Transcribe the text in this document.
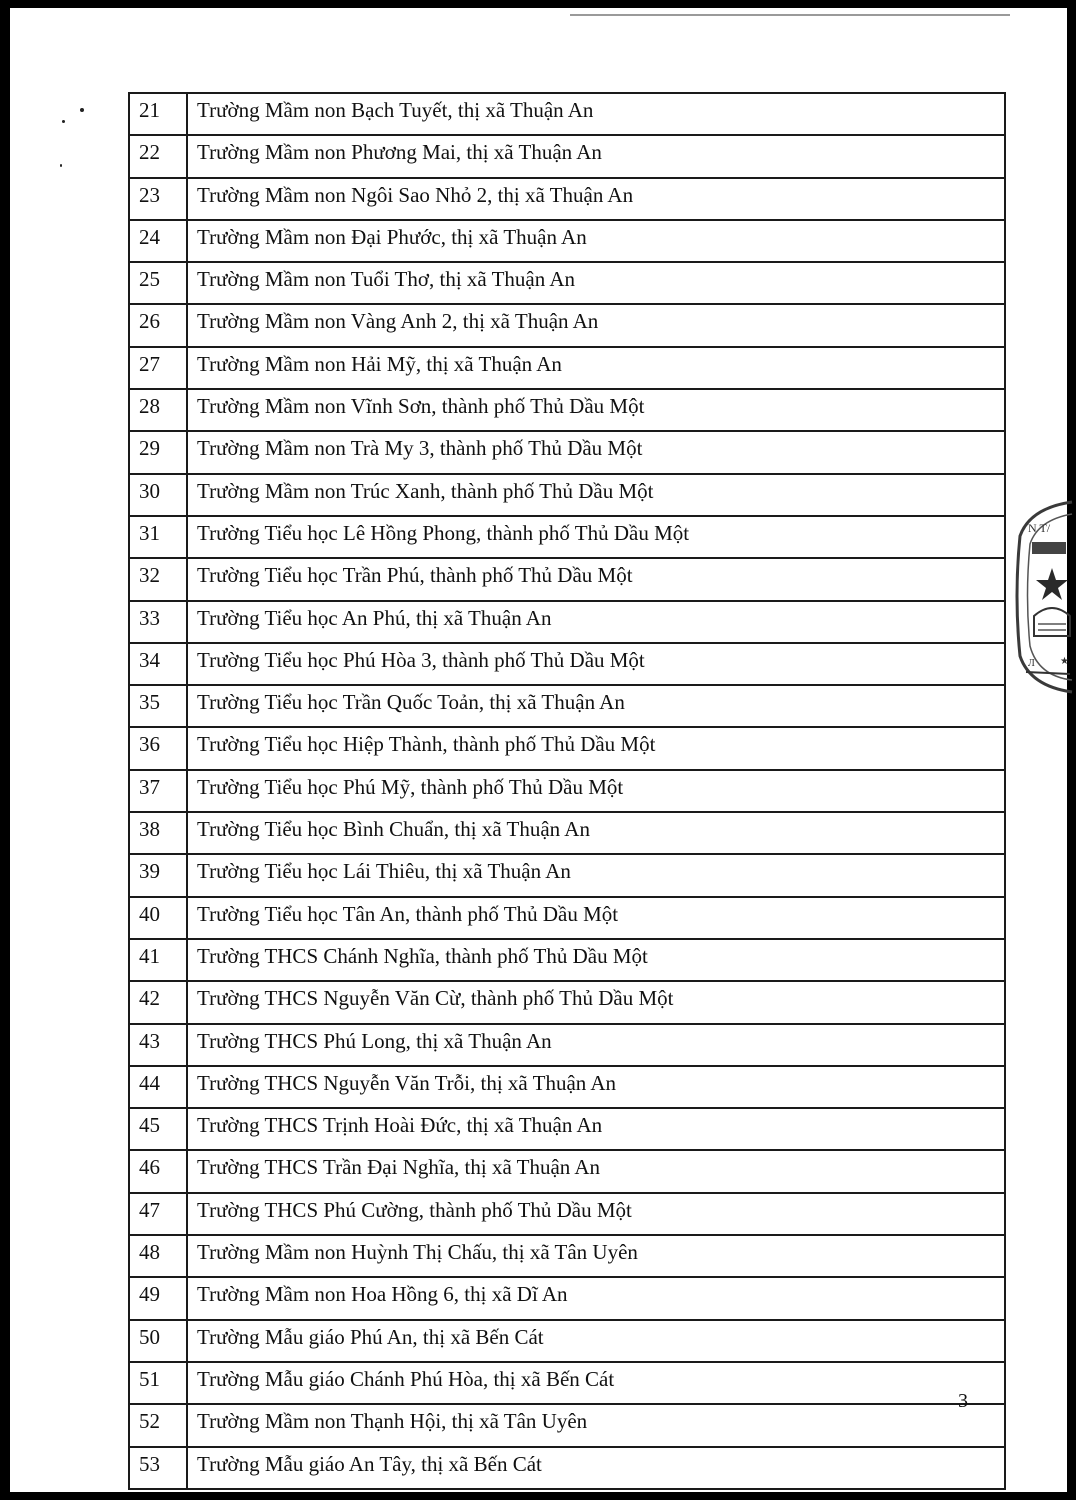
21	Trường Mầm non Bạch Tuyết, thị xã Thuận An
22	Trường Mầm non Phương Mai, thị xã Thuận An
23	Trường Mầm non Ngôi Sao Nhỏ 2, thị xã Thuận An
24	Trường Mầm non Đại Phước, thị xã Thuận An
25	Trường Mầm non Tuổi Thơ, thị xã Thuận An
26	Trường Mầm non Vàng Anh 2, thị xã Thuận An
27	Trường Mầm non Hải Mỹ, thị xã Thuận An
28	Trường Mầm non Vĩnh Sơn, thành phố Thủ Dầu Một
29	Trường Mầm non Trà My 3, thành phố Thủ Dầu Một
30	Trường Mầm non Trúc Xanh, thành phố Thủ Dầu Một
31	Trường Tiểu học Lê Hồng Phong, thành phố Thủ Dầu Một
32	Trường Tiểu học Trần Phú, thành phố Thủ Dầu Một
33	Trường Tiểu học An Phú, thị xã Thuận An
34	Trường Tiểu học Phú Hòa 3, thành phố Thủ Dầu Một
35	Trường Tiểu học Trần Quốc Toản, thị xã Thuận An
36	Trường Tiểu học Hiệp Thành, thành phố Thủ Dầu Một
37	Trường Tiểu học Phú Mỹ, thành phố Thủ Dầu Một
38	Trường Tiểu học Bình Chuẩn, thị xã Thuận An
39	Trường Tiểu học Lái Thiêu, thị xã Thuận An
40	Trường Tiểu học Tân An, thành phố Thủ Dầu Một
41	Trường THCS Chánh Nghĩa, thành phố Thủ Dầu Một
42	Trường THCS Nguyễn Văn Cừ, thành phố Thủ Dầu Một
43	Trường THCS Phú Long, thị xã Thuận An
44	Trường THCS Nguyễn Văn Trỗi, thị xã Thuận An
45	Trường THCS Trịnh Hoài Đức, thị xã Thuận An
46	Trường THCS Trần Đại Nghĩa, thị xã Thuận An
47	Trường THCS Phú Cường, thành phố Thủ Dầu Một
48	Trường Mầm non Huỳnh Thị Chấu, thị xã Tân Uyên
49	Trường Mầm non Hoa Hồng 6, thị xã Dĩ An
50	Trường Mẫu giáo Phú An, thị xã Bến Cát
51	Trường Mẫu giáo Chánh Phú Hòa, thị xã Bến Cát
52	Trường Mầm non Thạnh Hội, thị xã Tân Uyên
53	Trường Mẫu giáo An Tây, thị xã Bến Cát
N T/
Л	★
3
